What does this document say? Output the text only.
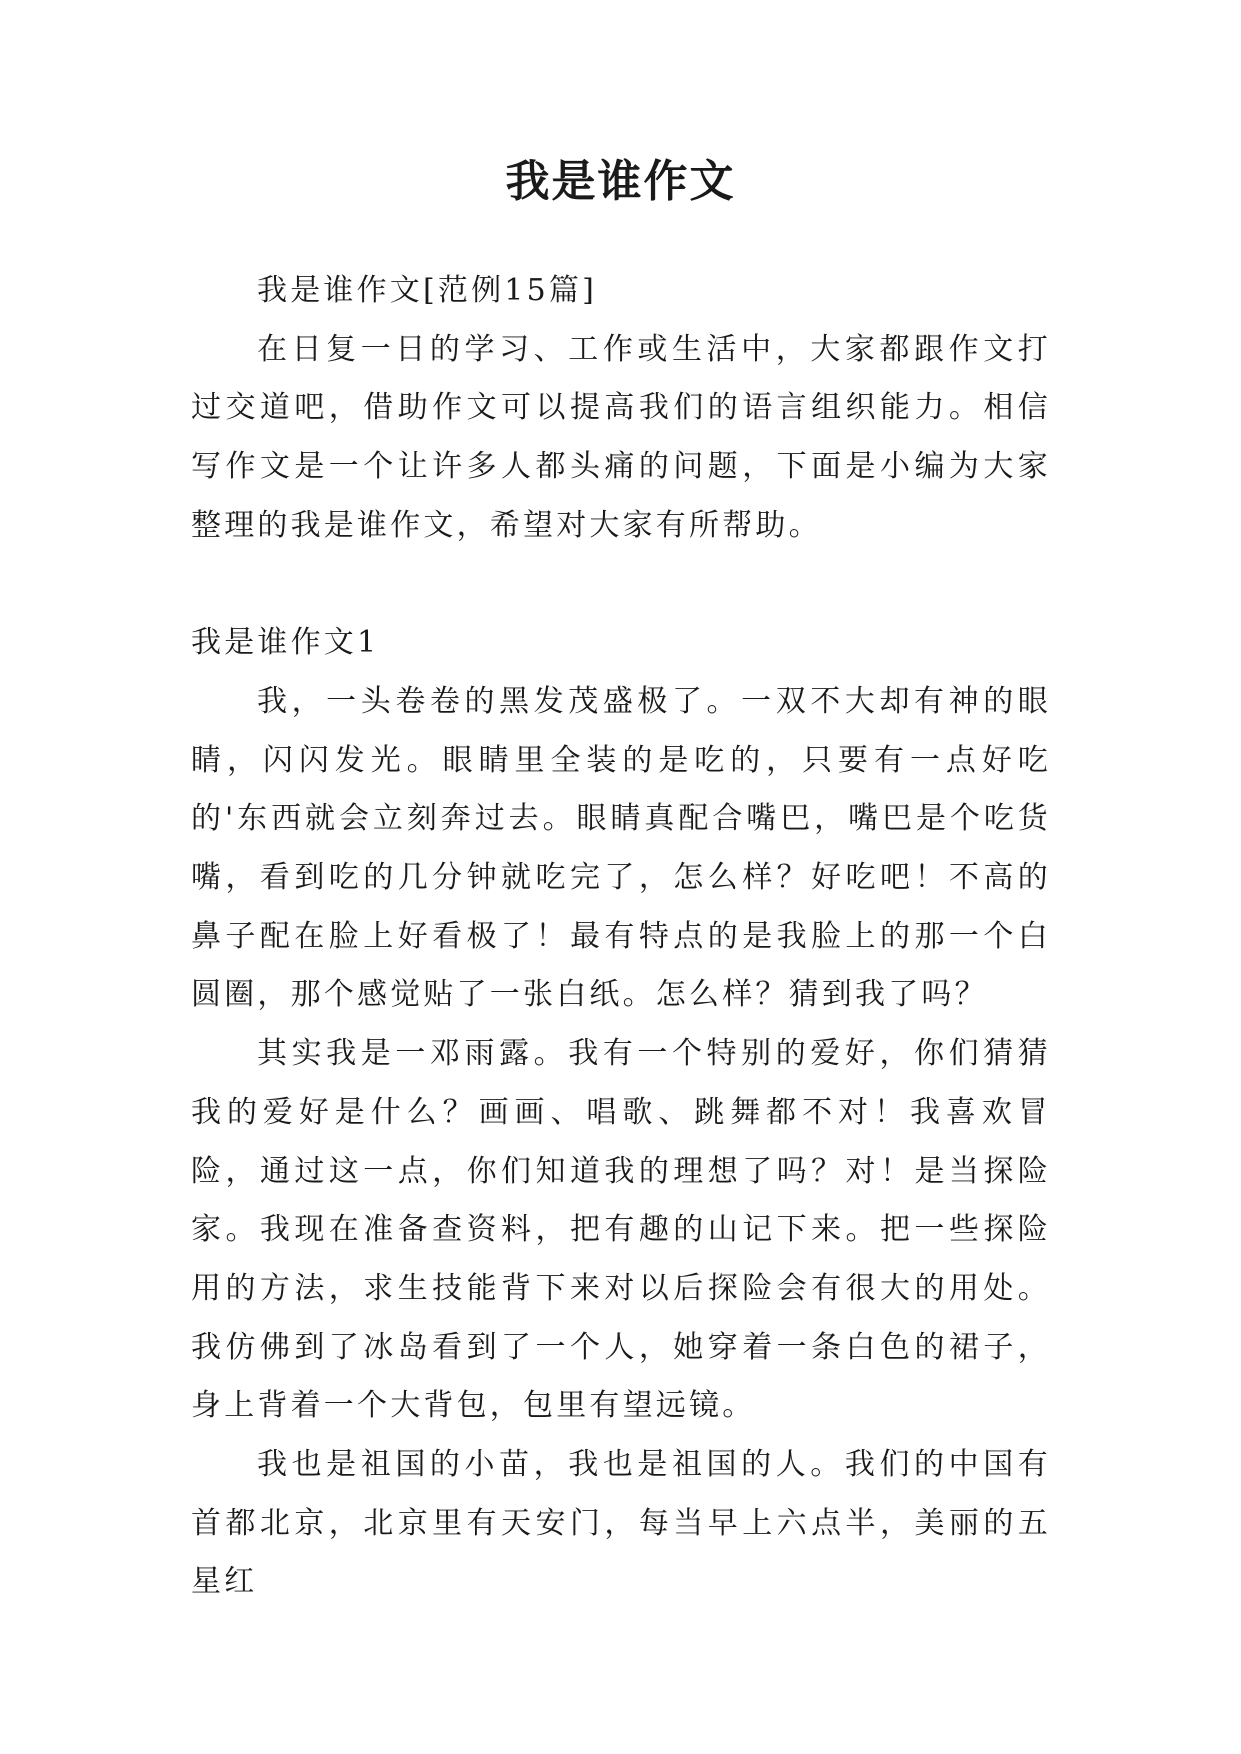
我是谁作文

我是谁作文[范例15篇]

在日复一日的学习、工作或生活中，大家都跟作文打过交道吧，借助作文可以提高我们的语言组织能力。相信写作文是一个让许多人都头痛的问题，下面是小编为大家整理的我是谁作文，希望对大家有所帮助。

我是谁作文1

我，一头卷卷的黑发茂盛极了。一双不大却有神的眼睛，闪闪发光。眼睛里全装的是吃的，只要有一点好吃的'东西就会立刻奔过去。眼睛真配合嘴巴，嘴巴是个吃货嘴，看到吃的几分钟就吃完了，怎么样？好吃吧！不高的鼻子配在脸上好看极了！最有特点的是我脸上的那一个白圆圈，那个感觉贴了一张白纸。怎么样？猜到我了吗？

其实我是一邓雨露。我有一个特别的爱好，你们猜猜我的爱好是什么？画画、唱歌、跳舞都不对！我喜欢冒险，通过这一点，你们知道我的理想了吗？对！是当探险家。我现在准备查资料，把有趣的山记下来。把一些探险用的方法，求生技能背下来对以后探险会有很大的用处。我仿佛到了冰岛看到了一个人，她穿着一条白色的裙子，身上背着一个大背包，包里有望远镜。

我也是祖国的小苗，我也是祖国的人。我们的中国有首都北京，北京里有天安门，每当早上六点半，美丽的五星红
